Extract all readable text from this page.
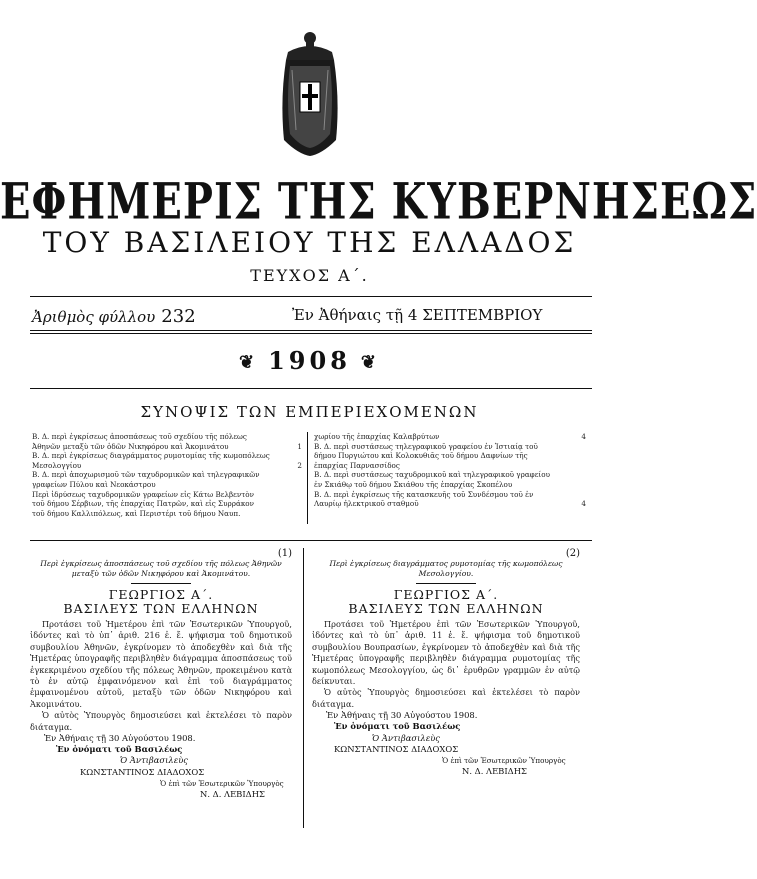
ΕΦΗΜΕΡΙΣ ΤΗΣ ΚΥΒΕΡΝΗΣΕΩΣ
ΤΟΥ ΒΑΣΙΛΕΙΟΥ ΤΗΣ ΕΛΛΑΔΟΣ
ΤΕΥΧΟΣ Α΄.
Ἀριθμὸς φύλλου 232	Ἐν Ἀθήναις τῇ 4 ΣΕΠΤΕΜΒΡΙΟΥ
❦ 1908 ❦
ΣΥΝΟΨΙΣ ΤΩΝ ΕΜΠΕΡΙΕΧΟΜΕΝΩΝ
Β. Δ. περὶ ἐγκρίσεως ἀποσπάσεως τοῦ σχεδίου τῆς πόλεως
Ἀθηνῶν μεταξὺ τῶν ὁδῶν Νικηφόρου καὶ Ἀκομινάτου	1
Β. Δ. περὶ ἐγκρίσεως διαγράμματος ρυμοτομίας τῆς κωμοπόλεως
Μεσολογγίου	2
Β. Δ. περὶ ἀποχωρισμοῦ τῶν ταχυδρομικῶν καὶ τηλεγραφικῶν
γραφείων Πύλου καὶ Νεοκάστρου
Περὶ ἱδρύσεως ταχυδρομικῶν γραφείων εἰς Κάτω Βελβεντὸν
τοῦ δήμου Σέρβιων, τῆς ἐπαρχίας Πατρῶν, καὶ εἰς Συρράκον
τοῦ δήμου Καλλιπόλεως, καὶ Περιστέρι τοῦ δήμου Ναυπ.
χωρίου τῆς ἐπαρχίας Καλαβρύτων	4
Β. Δ. περὶ συστάσεως τηλεγραφικοῦ γραφείου ἐν Ἰστιαίᾳ τοῦ
δήμου Πυργιώτου καὶ Κολοκυθιᾶς τοῦ δήμου Δαφνίων τῆς
ἐπαρχίας Παρνασσίδος
Β. Δ. περὶ συστάσεως ταχυδρομικοῦ καὶ τηλεγραφικοῦ γραφείου
ἐν Σκιάθῳ τοῦ δήμου Σκιάθου τῆς ἐπαρχίας Σκοπέλου
Β. Δ. περὶ ἐγκρίσεως τῆς κατασκευῆς τοῦ Συνδέσμου τοῦ ἐν
Λαυρίῳ ἠλεκτρικοῦ σταθμοῦ	4
(1)
Περὶ ἐγκρίσεως ἀποσπάσεως τοῦ σχεδίου τῆς πόλεως Ἀθηνῶν μεταξὺ τῶν ὁδῶν Νικηφόρου καὶ Ἀκομινάτου.
ΓΕΩΡΓΙΟΣ Α΄.
ΒΑΣΙΛΕΥΣ ΤΩΝ ΕΛΛΗΝΩΝ
Προτάσει τοῦ Ἡμετέρου ἐπὶ τῶν Ἐσωτερικῶν Ὑπουργοῦ, ἰδόντες καὶ τὸ ὑπ᾽ ἀριθ. 216 ἐ. ἔ. ψήφισμα τοῦ δημοτικοῦ συμβουλίου Ἀθηνῶν, ἐγκρίνομεν τὸ ἀποδεχθὲν καὶ διὰ τῆς Ἡμετέρας ὑπογραφῆς περιβληθὲν διάγραμμα ἀποσπάσεως τοῦ ἐγκεκριμένου σχεδίου τῆς πόλεως Ἀθηνῶν, προκειμένου κατὰ τὸ ἐν αὐτῷ ἐμφαινόμενον καὶ ἐπὶ τοῦ διαγράμματος ἐμφαινομένου αὐτοῦ, μεταξὺ τῶν ὁδῶν Νικηφόρου καὶ Ἀκομινάτου.
Ὁ αὐτὸς Ὑπουργὸς δημοσιεύσει καὶ ἐκτελέσει τὸ παρὸν διάταγμα.
Ἐν Ἀθήναις τῇ 30 Αὐγούστου 1908.
Ἐν ὀνόματι τοῦ Βασιλέως
Ὁ Ἀντιβασιλεὺς
ΚΩΝΣΤΑΝΤΙΝΟΣ ΔΙΑΔΟΧΟΣ
Ὁ ἐπὶ τῶν Ἐσωτερικῶν Ὑπουργὸς
Ν. Δ. ΛΕΒΙΔΗΣ
(2)
Περὶ ἐγκρίσεως διαγράμματος ρυμοτομίας τῆς κωμοπόλεως Μεσολογγίου.
ΓΕΩΡΓΙΟΣ Α΄.
ΒΑΣΙΛΕΥΣ ΤΩΝ ΕΛΛΗΝΩΝ
Προτάσει τοῦ Ἡμετέρου ἐπὶ τῶν Ἐσωτερικῶν Ὑπουργοῦ, ἰδόντες καὶ τὸ ὑπ᾽ ἀριθ. 11 ἐ. ἔ. ψήφισμα τοῦ δημοτικοῦ συμβουλίου Βουπρασίων, ἐγκρίνομεν τὸ ἀποδεχθὲν καὶ διὰ τῆς Ἡμετέρας ὑπογραφῆς περιβληθὲν διάγραμμα ρυμοτομίας τῆς κωμοπόλεως Μεσολογγίου, ὡς δι᾽ ἐρυθρῶν γραμμῶν ἐν αὐτῷ δείκνυται.
Ὁ αὐτὸς Ὑπουργὸς δημοσιεύσει καὶ ἐκτελέσει τὸ παρὸν διάταγμα.
Ἐν Ἀθήναις τῇ 30 Αὐγούστου 1908.
Ἐν ὀνόματι τοῦ Βασιλέως
Ὁ Ἀντιβασιλεὺς
ΚΩΝΣΤΑΝΤΙΝΟΣ ΔΙΑΔΟΧΟΣ
Ὁ ἐπὶ τῶν Ἐσωτερικῶν Ὑπουργὸς
Ν. Δ. ΛΕΒΙΔΗΣ
